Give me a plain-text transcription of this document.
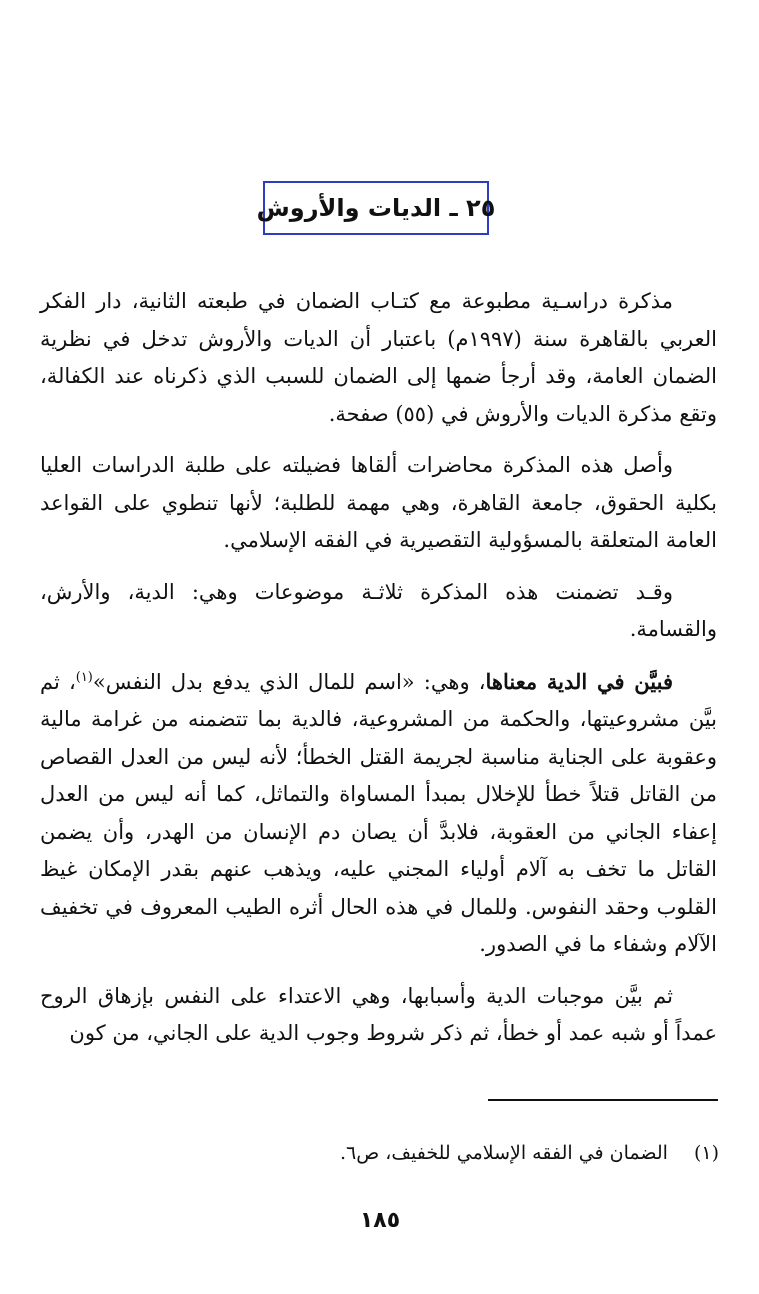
٢٥ ـ الديات والأروش

مذكرة دراسـية مطبوعة مع كتـاب الضمان في طبعته الثانية، دار الفكر العربي بالقاهرة سنة (١٩٩٧م) باعتبار أن الديات والأروش تدخل في نظرية الضمان العامة، وقد أرجأ ضمها إلى الضمان للسبب الذي ذكرناه عند الكفالة، وتقع مذكرة الديات والأروش في (٥٥) صفحة.

وأصل هذه المذكرة محاضرات ألقاها فضيلته على طلبة الدراسات العليا بكلية الحقوق، جامعة القاهرة، وهي مهمة للطلبة؛ لأنها تنطوي على القواعد العامة المتعلقة بالمسؤولية التقصيرية في الفقه الإسلامي.

وقـد تضمنت هذه المذكرة ثلاثـة موضوعات وهي: الدية، والأرش، والقسامة.

فبيَّن في الدية معناها، وهي: «اسم للمال الذي يدفع بدل النفس»$^{(١)}$، ثم بيَّن مشروعيتها، والحكمة من المشروعية، فالدية بما تتضمنه من غرامة مالية وعقوبة على الجناية مناسبة لجريمة القتل الخطأ؛ لأنه ليس من العدل القصاص من القاتل قتلاً خطأ للإخلال بمبدأ المساواة والتماثل، كما أنه ليس من العدل إعفاء الجاني من العقوبة، فلابدَّ أن يصان دم الإنسان من الهدر، وأن يضمن القاتل ما تخف به آلام أولياء المجني عليه، ويذهب عنهم بقدر الإمكان غيظ القلوب وحقد النفوس. وللمال في هذه الحال أثره الطيب المعروف في تخفيف الآلام وشفاء ما في الصدور.

ثم بيَّن موجبات الدية وأسبابها، وهي الاعتداء على النفس بإزهاق الروح عمداً أو شبه عمد أو خطأ، ثم ذكر شروط وجوب الدية على الجاني، من كون

(١)الضمان في الفقه الإسلامي للخفيف، ص٦.
١٨٥
